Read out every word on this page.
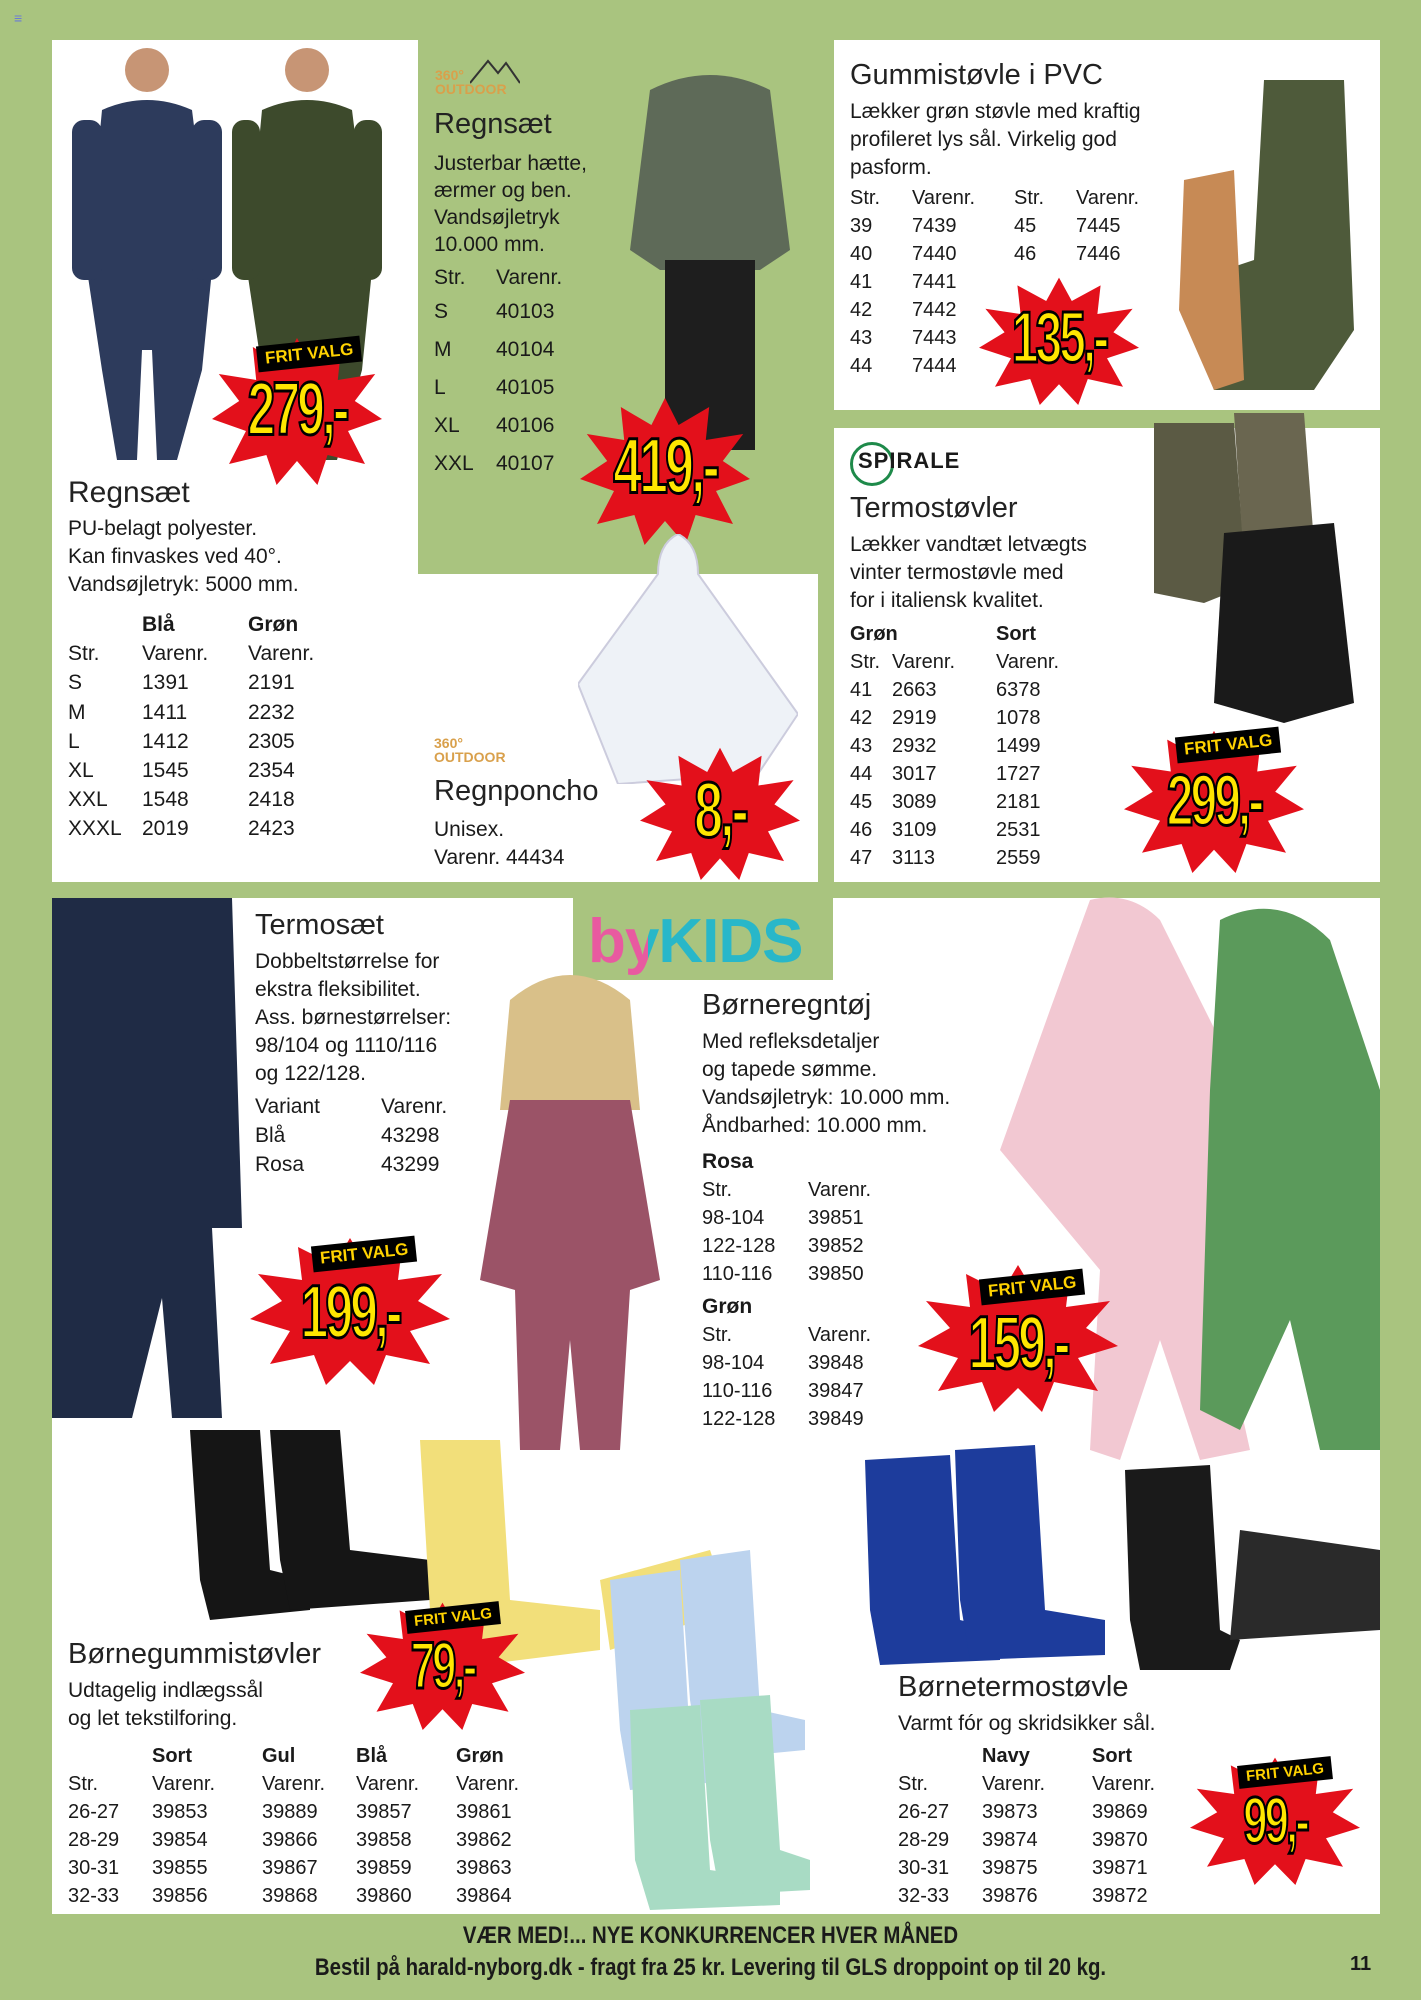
≡
FRIT VALG
279,-
Regnsæt
PU-belagt polyester.
Kan finvaskes ved 40°.
Vandsøjletryk: 5000 mm.
	Blå	Grøn
Str.	Varenr.	Varenr.
S	1391	2191
M	1411	2232
L	1412	2305
XL	1545	2354
XXL	1548	2418
XXXL	2019	2423
360°
OUTDOOR
Regnsæt
Justerbar hætte,
ærmer og ben.
Vandsøjletryk
10.000 mm.
Str.	Varenr.
S	40103
M	40104
L	40105
XL	40106
XXL	40107	419,-
360°
OUTDOOR
Regnponcho
Unisex.
Varenr. 44434
8,-
Gummistøvle i PVC
Lækker grøn støvle med kraftig
profileret lys sål. Virkelig god
pasform.
Str.	Varenr.	Str.	Varenr.
39	7439	45	7445
40	7440	46	7446
41	7441		
42	7442		
43	7443		
44	7444			135,-
SPIRALE
Termostøvler
Lækker vandtæt letvægts
vinter termostøvle med
for i italiensk kvalitet.
Grøn		Sort
Str.	Varenr.	Varenr.
41	2663	6378
42	2919	1078
43	2932	1499
44	3017	1727
45	3089	2181
46	3109	2531
47	3113	2559
FRIT VALG
299,-
byKIDS
Termosæt
Dobbeltstørrelse for
ekstra fleksibilitet.
Ass. børnestørrelser:
98/104 og 1110/116
og 122/128.
Variant	Varenr.
Blå	43298
Rosa	43299
FRIT VALG
199,-
Børneregntøj
Med refleksdetaljer
og tapede sømme.
Vandsøjletryk: 10.000 mm.
Åndbarhed: 10.000 mm.
Rosa
Str.	Varenr.
98-104	39851
122-128	39852
110-116	39850
Grøn
Str.	Varenr.
98-104	39848
110-116	39847
122-128	39849
FRIT VALG
159,-
Børnegummistøvler
Udtagelig indlægssål
og let tekstilforing.
	Sort	Gul	Blå	Grøn
Str.	Varenr.	Varenr.	Varenr.	Varenr.
26-27	39853	39889	39857	39861
28-29	39854	39866	39858	39862
30-31	39855	39867	39859	39863
32-33	39856	39868	39860	39864
FRIT VALG
79,-	Børnetermostøvle
Varmt fór og skridsikker sål.
	Navy	Sort
Str.	Varenr.	Varenr.
26-27	39873	39869
28-29	39874	39870
30-31	39875	39871
32-33	39876	39872
FRIT VALG
99,-
VÆR MED!... NYE KONKURRENCER HVER MÅNED
Bestil på harald-nyborg.dk - fragt fra 25 kr. Levering til GLS droppoint op til 20 kg.	11
